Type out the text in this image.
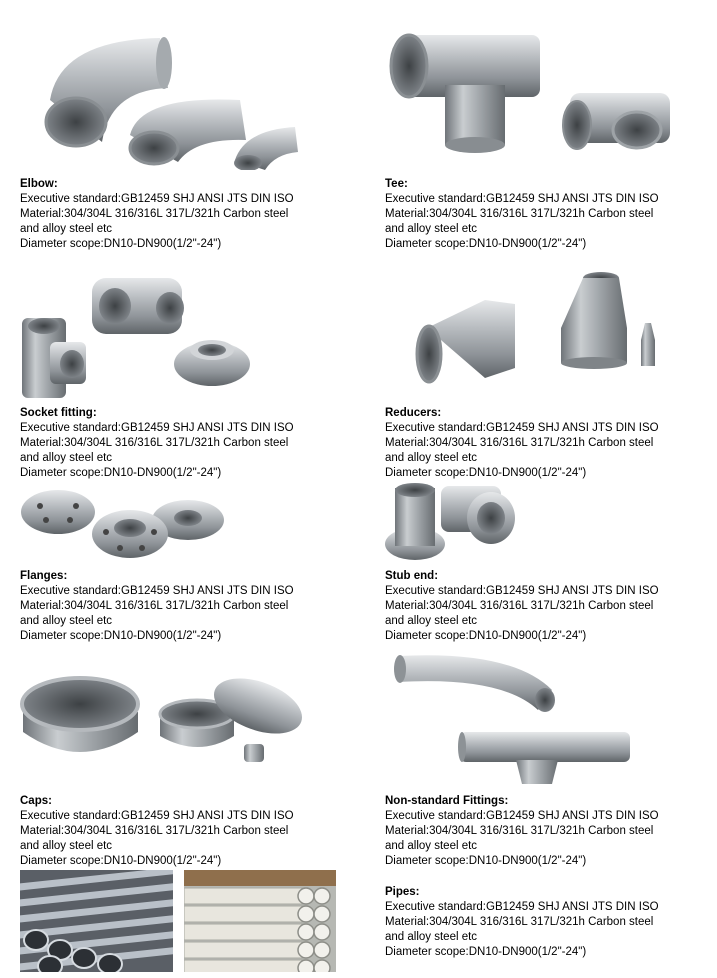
Elbow:
Executive standard:GB12459 SHJ ANSI JTS DIN ISO
Material:304/304L 316/316L 317L/321h Carbon steel
and alloy steel etc
Diameter scope:DN10-DN900(1/2"-24")
Tee:
Executive standard:GB12459 SHJ ANSI JTS DIN ISO
Material:304/304L 316/316L 317L/321h Carbon steel
and alloy steel etc
Diameter scope:DN10-DN900(1/2"-24")
Socket fitting:
Executive standard:GB12459 SHJ ANSI JTS DIN ISO
Material:304/304L 316/316L 317L/321h Carbon steel
and alloy steel etc
Diameter scope:DN10-DN900(1/2"-24")
Reducers:
Executive standard:GB12459 SHJ ANSI JTS DIN ISO
Material:304/304L 316/316L 317L/321h Carbon steel
and alloy steel etc
Diameter scope:DN10-DN900(1/2"-24")
Flanges:
Executive standard:GB12459 SHJ ANSI JTS DIN ISO
Material:304/304L 316/316L 317L/321h Carbon steel
and alloy steel etc
Diameter scope:DN10-DN900(1/2"-24")
Stub end:
Executive standard:GB12459 SHJ ANSI JTS DIN ISO
Material:304/304L 316/316L 317L/321h Carbon steel
and alloy steel etc
Diameter scope:DN10-DN900(1/2"-24")
Caps:
Executive standard:GB12459 SHJ ANSI JTS DIN ISO
Material:304/304L 316/316L 317L/321h Carbon steel
and alloy steel etc
Diameter scope:DN10-DN900(1/2"-24")
Non-standard Fittings:
Executive standard:GB12459 SHJ ANSI JTS DIN ISO
Material:304/304L 316/316L 317L/321h Carbon steel
and alloy steel etc
Diameter scope:DN10-DN900(1/2"-24")
Pipes:
Executive standard:GB12459 SHJ ANSI JTS DIN ISO
Material:304/304L 316/316L 317L/321h Carbon steel
and alloy steel etc
Diameter scope:DN10-DN900(1/2"-24")
